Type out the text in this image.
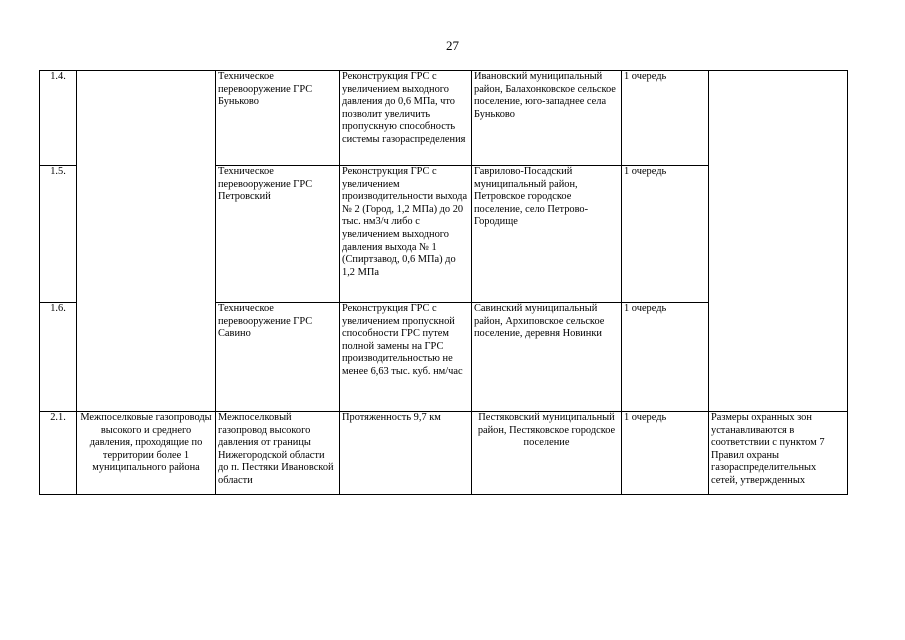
27
1.4.		Техническое перевооружение ГРС Буньково	Реконструкция ГРС с увеличением выходного давления до 0,6 МПа, что позволит увеличить пропускную способность системы газораспределения	Ивановский муниципальный район, Балахонковское сельское поселение, юго-западнее села Буньково	1 очередь	
1.5.		Техническое перевооружение ГРС Петровский	Реконструкция ГРС с увеличением производительности выхода № 2 (Город, 1,2 МПа) до 20 тыс. нм3/ч либо с увеличением выходного давления выхода № 1 (Спиртзавод, 0,6 МПа) до 1,2 МПа	Гаврилово-Посадский муниципальный район, Петровское городское поселение, село Петрово-Городище	1 очередь	
1.6.		Техническое перевооружение ГРС Савино	Реконструкция ГРС с увеличением пропускной способности ГРС путем полной замены на ГРС производительностью не менее 6,63 тыс. куб. нм/час	Савинский муниципальный район, Архиповское сельское поселение, деревня Новинки	1 очередь	
2.1.	Межпоселковые газопроводы высокого и среднего давления, проходящие по территории более 1 муниципального района	Межпоселковый газопровод высокого давления от границы Нижегородской области до п. Пестяки Ивановской области	Протяженность 9,7 км	Пестяковский муниципальный район, Пестяковское городское поселение	1 очередь	Размеры охранных зон устанавливаются в соответствии с пунктом 7 Правил охраны газораспределительных сетей, утвержденных
